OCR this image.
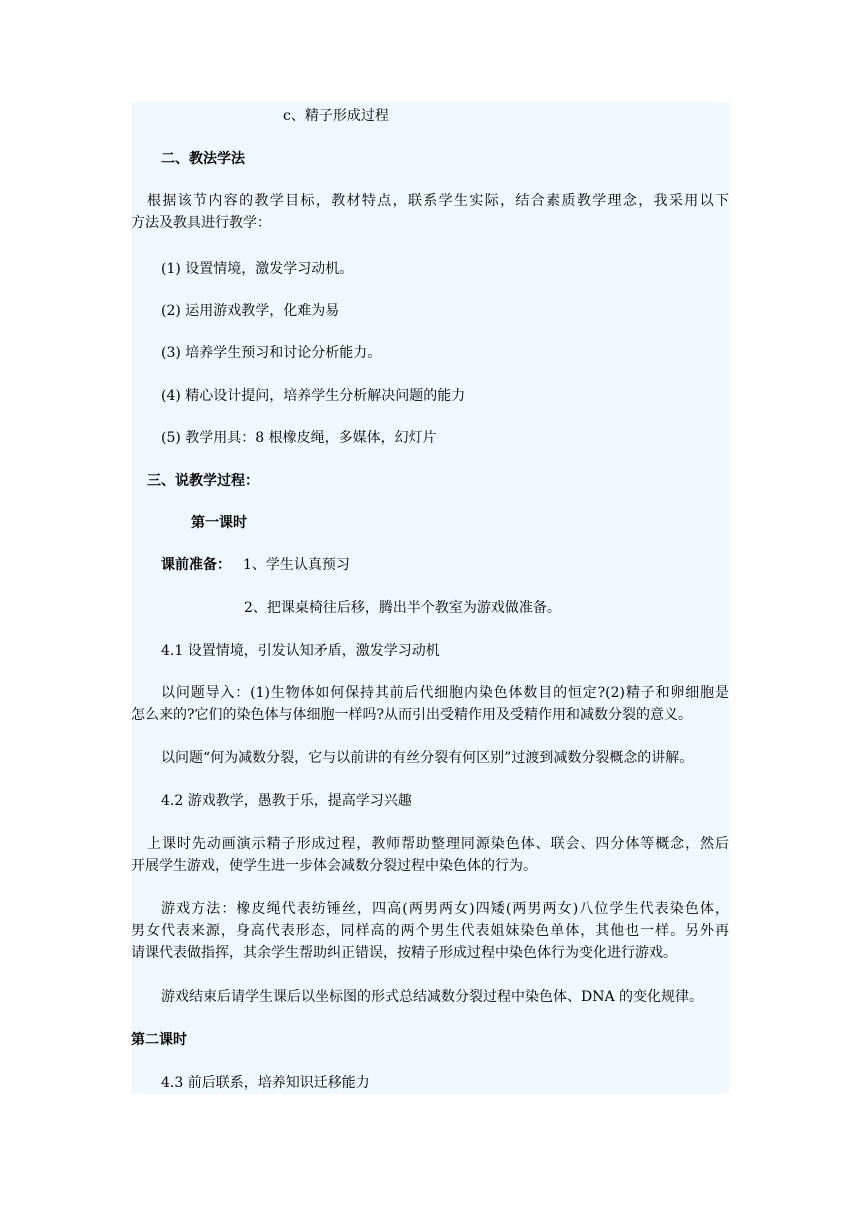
c、精子形成过程
二、教法学法
根据该节内容的教学目标，教材特点，联系学生实际，结合素质教学理念，我采用以下
方法及教具进行教学：
(1) 设置情境，激发学习动机。
(2) 运用游戏教学，化难为易
(3) 培养学生预习和讨论分析能力。
(4) 精心设计提问，培养学生分析解决问题的能力
(5) 教学用具：8 根橡皮绳，多媒体，幻灯片
三、说教学过程：
第一课时
课前准备： 1、学生认真预习
2、把课桌椅往后移，腾出半个教室为游戏做准备。
4.1 设置情境，引发认知矛盾，激发学习动机
以问题导入：(1)生物体如何保持其前后代细胞内染色体数目的恒定?(2)精子和卵细胞是
怎么来的?它们的染色体与体细胞一样吗?从而引出受精作用及受精作用和减数分裂的意义。
以问题“何为减数分裂，它与以前讲的有丝分裂有何区别”过渡到减数分裂概念的讲解。
4.2 游戏教学，愚教于乐，提高学习兴趣
上课时先动画演示精子形成过程，教师帮助整理同源染色体、联会、四分体等概念，然后
开展学生游戏，使学生进一步体会减数分裂过程中染色体的行为。
游戏方法：橡皮绳代表纺锤丝，四高(两男两女)四矮(两男两女)八位学生代表染色体，
男女代表来源，身高代表形态，同样高的两个男生代表姐妹染色单体，其他也一样。另外再
请课代表做指挥，其余学生帮助纠正错误，按精子形成过程中染色体行为变化进行游戏。
游戏结束后请学生课后以坐标图的形式总结减数分裂过程中染色体、DNA 的变化规律。
第二课时
4.3 前后联系，培养知识迁移能力
